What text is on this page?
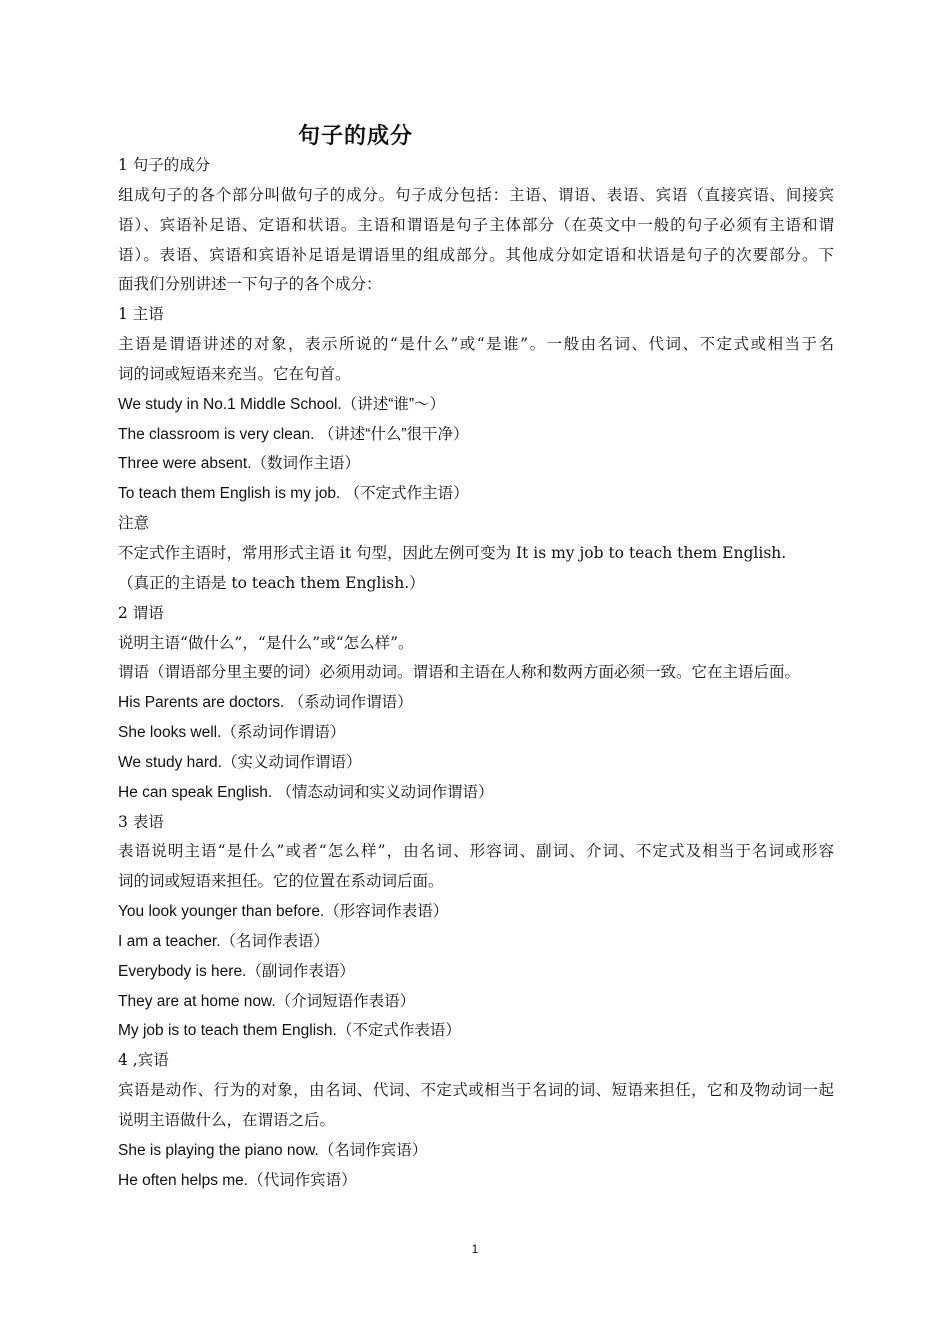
句子的成分
1 句子的成分
组成句子的各个部分叫做句子的成分。句子成分包括：主语、谓语、表语、宾语（直接宾语、间接宾
语）、宾语补足语、定语和状语。主语和谓语是句子主体部分（在英文中一般的句子必须有主语和谓
语）。表语、宾语和宾语补足语是谓语里的组成部分。其他成分如定语和状语是句子的次要部分。下
面我们分别讲述一下句子的各个成分：
1 主语
主语是谓语讲述的对象，表示所说的“是什么”或“是谁”。一般由名词、代词、不定式或相当于名
词的词或短语来充当。它在句首。
We study in No.1 Middle School.（讲述“谁”～）
The classroom is very clean. （讲述“什么”很干净）
Three were absent.（数词作主语）
To teach them English is my job. （不定式作主语）
注意
不定式作主语时，常用形式主语 it 句型，因此左例可变为 It is my job to teach them English.
（真正的主语是 to teach them English.）
2 谓语
说明主语“做什么”，“是什么”或“怎么样”。
谓语（谓语部分里主要的词）必须用动词。谓语和主语在人称和数两方面必须一致。它在主语后面。
His Parents are doctors. （系动词作谓语）
She looks well.（系动词作谓语）
We study hard.（实义动词作谓语）
He can speak English. （情态动词和实义动词作谓语）
3 表语
表语说明主语“是什么”或者“怎么样”，由名词、形容词、副词、介词、不定式及相当于名词或形容
词的词或短语来担任。它的位置在系动词后面。
You look younger than before.（形容词作表语）
I am a teacher.（名词作表语）
Everybody is here.（副词作表语）
They are at home now.（介词短语作表语）
My job is to teach them English.（不定式作表语）
4 ,宾语
宾语是动作、行为的对象，由名词、代词、不定式或相当于名词的词、短语来担任，它和及物动词一起
说明主语做什么，在谓语之后。
She is playing the piano now.（名词作宾语）
He often helps me.（代词作宾语）
1
